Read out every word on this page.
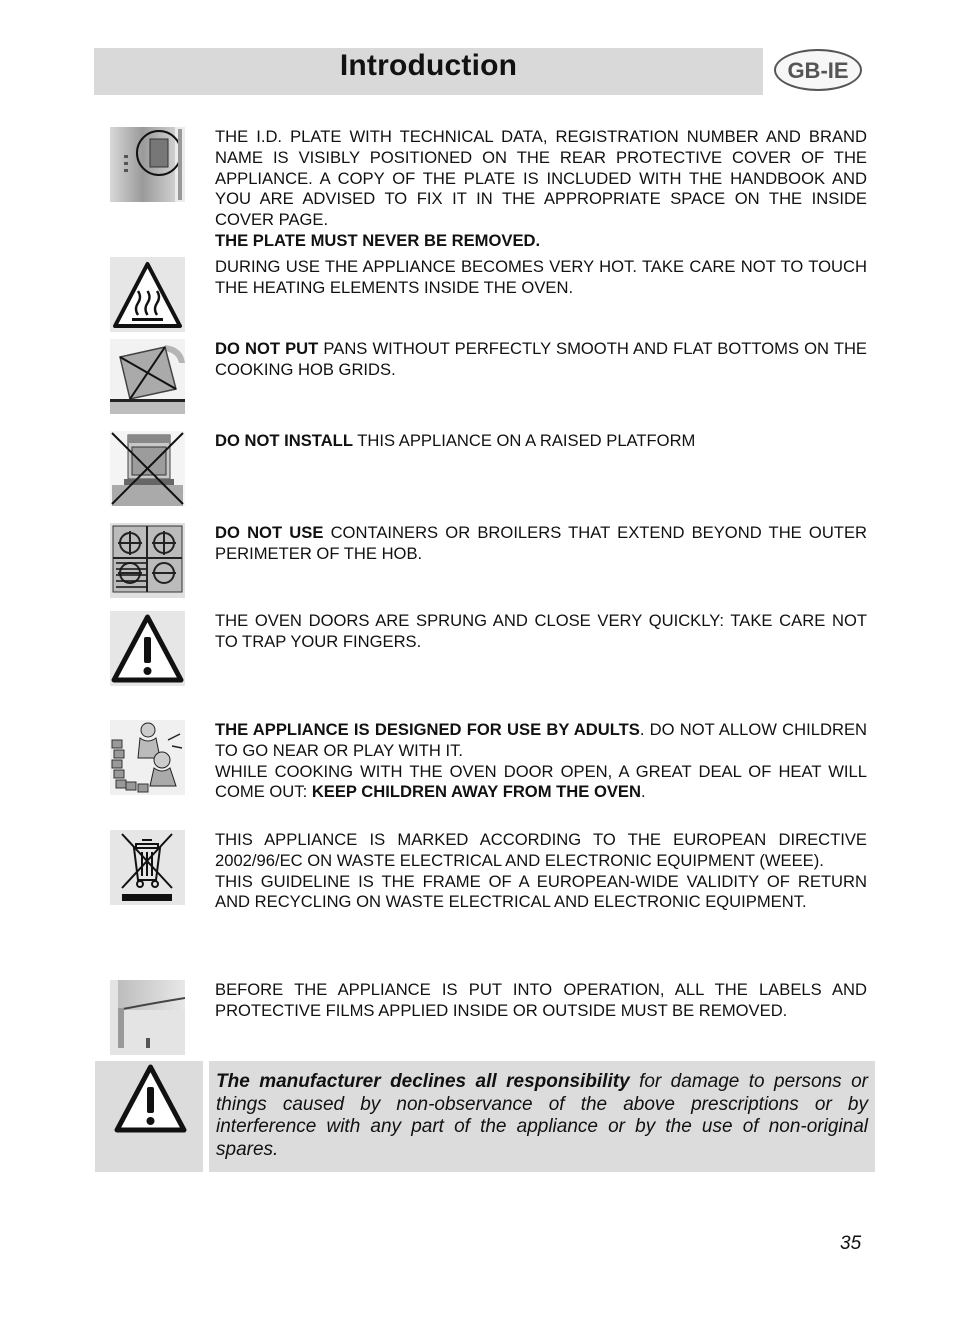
Introduction	GB-IE

THE I.D. PLATE WITH TECHNICAL DATA, REGISTRATION NUMBER AND BRAND NAME IS VISIBLY POSITIONED ON THE REAR PROTECTIVE COVER OF THE APPLIANCE. A COPY OF THE PLATE IS INCLUDED WITH THE HANDBOOK AND YOU ARE ADVISED TO FIX IT IN THE APPROPRIATE SPACE ON THE INSIDE COVER PAGE.

THE PLATE MUST NEVER BE REMOVED.

DURING USE THE APPLIANCE BECOMES VERY HOT. TAKE CARE NOT TO TOUCH THE HEATING ELEMENTS INSIDE THE OVEN.

DO NOT PUT PANS WITHOUT PERFECTLY SMOOTH AND FLAT BOTTOMS ON THE COOKING HOB GRIDS.

DO NOT INSTALL THIS APPLIANCE ON A RAISED PLATFORM

DO NOT USE CONTAINERS OR BROILERS THAT EXTEND BEYOND THE OUTER PERIMETER OF THE HOB.

THE OVEN DOORS ARE SPRUNG AND CLOSE VERY QUICKLY: TAKE CARE NOT TO TRAP YOUR FINGERS.

THE APPLIANCE IS DESIGNED FOR USE BY ADULTS. DO NOT ALLOW CHILDREN TO GO NEAR OR PLAY WITH IT.

WHILE COOKING WITH THE OVEN DOOR OPEN, A GREAT DEAL OF HEAT WILL COME OUT: KEEP CHILDREN AWAY FROM THE OVEN.

THIS APPLIANCE IS MARKED ACCORDING TO THE EUROPEAN DIRECTIVE 2002/96/EC ON WASTE ELECTRICAL AND ELECTRONIC EQUIPMENT (WEEE).

THIS GUIDELINE IS THE FRAME OF A EUROPEAN-WIDE VALIDITY OF RETURN AND RECYCLING ON WASTE ELECTRICAL AND ELECTRONIC EQUIPMENT.

BEFORE THE APPLIANCE IS PUT INTO OPERATION, ALL THE LABELS AND PROTECTIVE FILMS APPLIED INSIDE OR OUTSIDE MUST BE REMOVED.

The manufacturer declines all responsibility for damage to persons or things caused by non-observance of the above prescriptions or by interference with any part of the appliance or by the use of non-original spares.
35
